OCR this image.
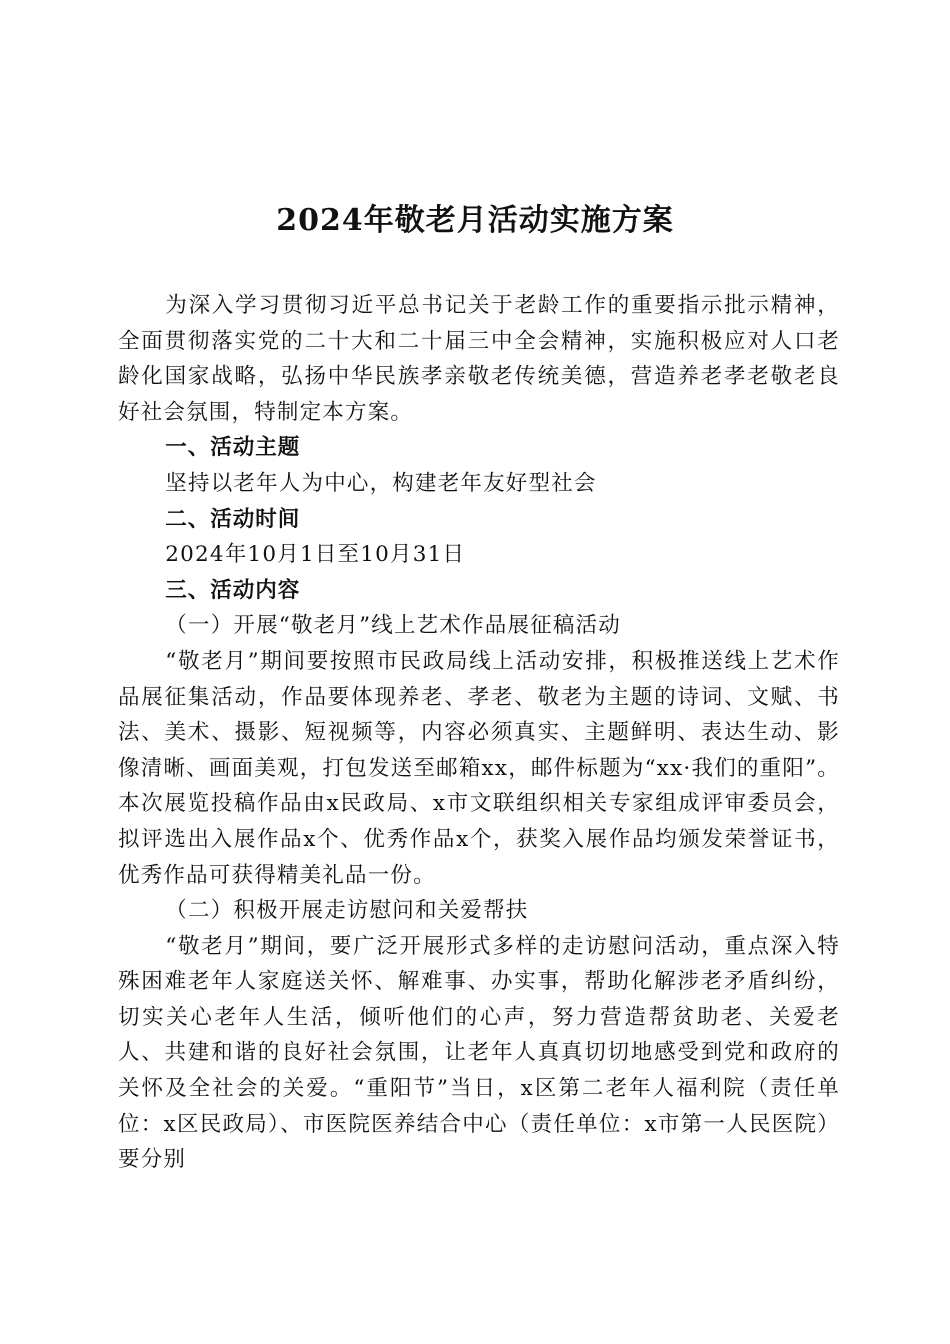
2024年敬老月活动实施方案

为深入学习贯彻习近平总书记关于老龄工作的重要指示批示精神，全面贯彻落实党的二十大和二十届三中全会精神，实施积极应对人口老龄化国家战略，弘扬中华民族孝亲敬老传统美德，营造养老孝老敬老良好社会氛围，特制定本方案。

一、活动主题

坚持以老年人为中心，构建老年友好型社会

二、活动时间

2024年10月1日至10月31日

三、活动内容

（一）开展“敬老月”线上艺术作品展征稿活动

“敬老月”期间要按照市民政局线上活动安排，积极推送线上艺术作品展征集活动，作品要体现养老、孝老、敬老为主题的诗词、文赋、书法、美术、摄影、短视频等，内容必须真实、主题鲜明、表达生动、影像清晰、画面美观，打包发送至邮箱xx，邮件标题为“xx·我们的重阳”。本次展览投稿作品由x民政局、x市文联组织相关专家组成评审委员会，拟评选出入展作品x个、优秀作品x个，获奖入展作品均颁发荣誉证书，优秀作品可获得精美礼品一份。

（二）积极开展走访慰问和关爱帮扶

“敬老月”期间，要广泛开展形式多样的走访慰问活动，重点深入特殊困难老年人家庭送关怀、解难事、办实事，帮助化解涉老矛盾纠纷，切实关心老年人生活，倾听他们的心声，努力营造帮贫助老、关爱老人、共建和谐的良好社会氛围，让老年人真真切切地感受到党和政府的关怀及全社会的关爱。“重阳节”当日，x区第二老年人福利院（责任单位：x区民政局）、市医院医养结合中心（责任单位：x市第一人民医院）要分别
